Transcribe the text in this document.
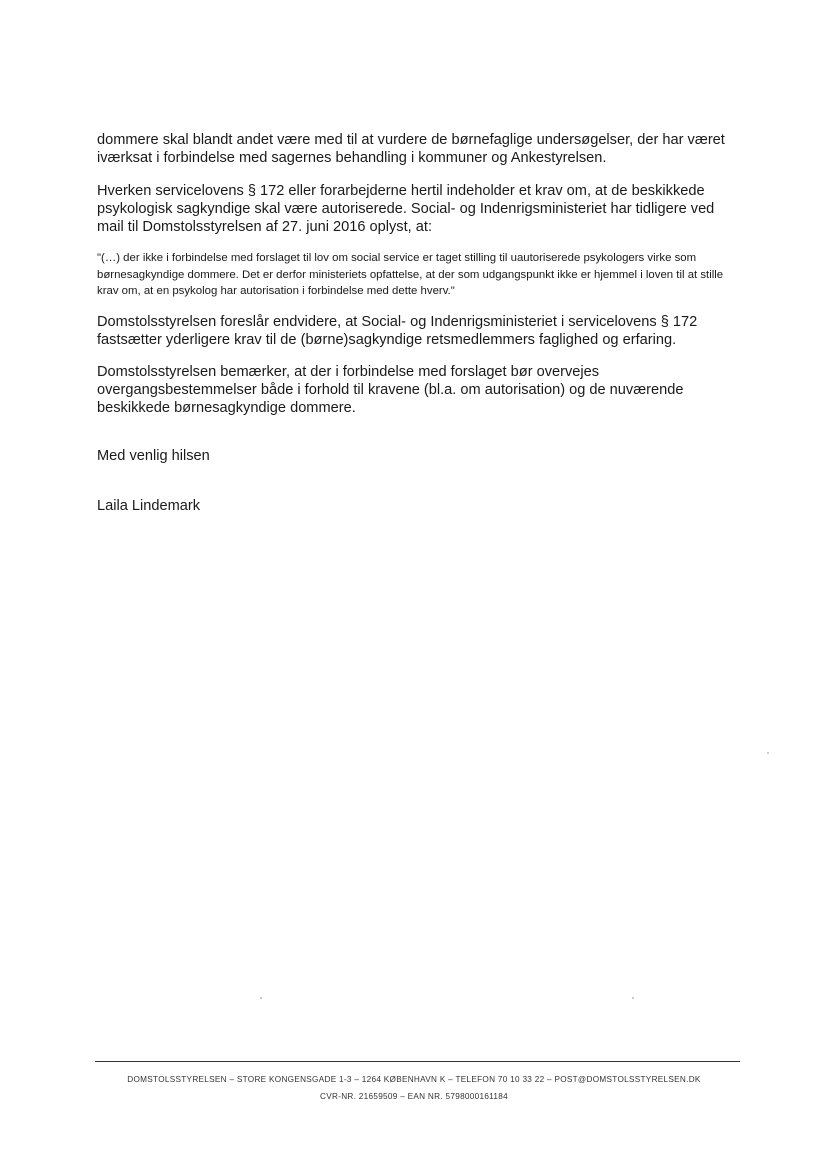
dommere skal blandt andet være med til at vurdere de børnefaglige undersøgelser, der har været iværksat i forbindelse med sagernes behandling i kommuner og Ankestyrelsen.

Hverken servicelovens § 172 eller forarbejderne hertil indeholder et krav om, at de beskikkede psykologisk sagkyndige skal være autoriserede. Social- og Indenrigsministeriet har tidligere ved mail til Domstolsstyrelsen af 27. juni 2016 oplyst, at:

"(…) der ikke i forbindelse med forslaget til lov om social service er taget stilling til uautoriserede psykologers virke som børnesagkyndige dommere. Det er derfor ministeriets opfattelse, at der som udgangspunkt ikke er hjemmel i loven til at stille krav om, at en psykolog har autorisation i forbindelse med dette hverv."

Domstolsstyrelsen foreslår endvidere, at Social- og Indenrigsministeriet i servicelovens § 172 fastsætter yderligere krav til de (børne)sagkyndige retsmedlemmers faglighed og erfaring.

Domstolsstyrelsen bemærker, at der i forbindelse med forslaget bør overvejes overgangsbestemmelser både i forhold til kravene (bl.a. om autorisation) og de nuværende beskikkede børnesagkyndige dommere.

Med venlig hilsen

Laila Lindemark

DOMSTOLSSTYRELSEN – STORE KONGENSGADE 1-3 – 1264 KØBENHAVN K – TELEFON 70 10 33 22 – POST@DOMSTOLSSTYRELSEN.DK
CVR-NR. 21659509 – EAN NR. 5798000161184
